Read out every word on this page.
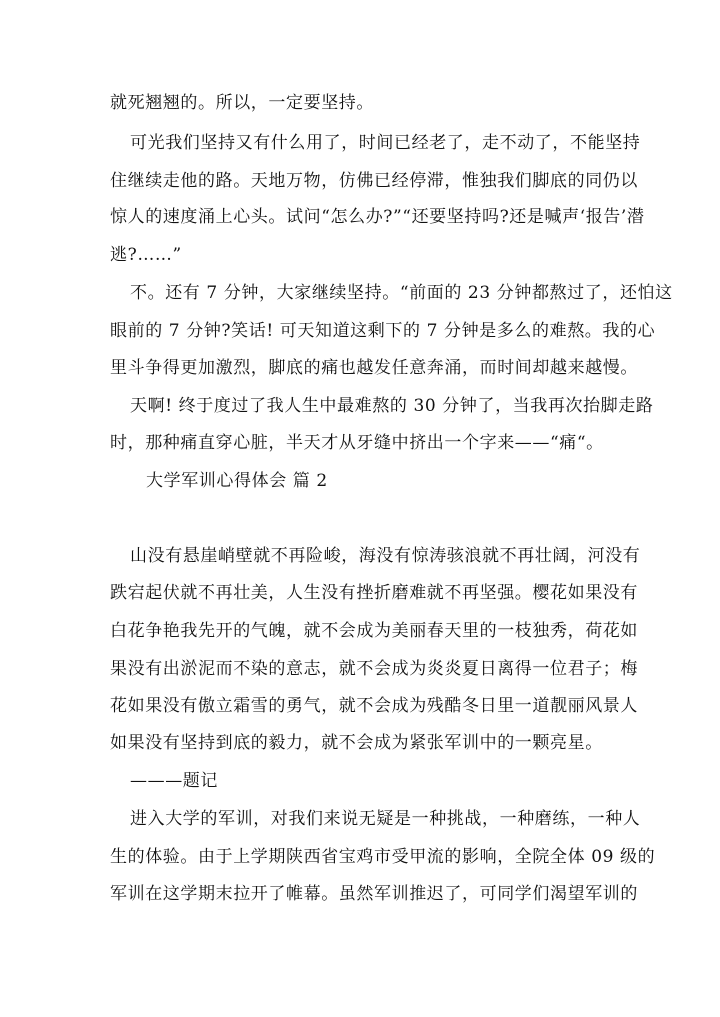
就死翘翘的。所以，一定要坚持。
可光我们坚持又有什么用了，时间已经老了，走不动了，不能坚持
住继续走他的路。天地万物，仿佛已经停滞，惟独我们脚底的同仍以
惊人的速度涌上心头。试问“怎么办?”“还要坚持吗?还是喊声‘报告’潜
逃?……”
不。还有 7 分钟，大家继续坚持。“前面的 23 分钟都熬过了，还怕这
眼前的 7 分钟?笑话! 可天知道这剩下的 7 分钟是多么的难熬。我的心
里斗争得更加激烈，脚底的痛也越发任意奔涌，而时间却越来越慢。
天啊! 终于度过了我人生中最难熬的 30 分钟了，当我再次抬脚走路
时，那种痛直穿心脏，半天才从牙缝中挤出一个字来——“痛“。
大学军训心得体会 篇 2
山没有悬崖峭壁就不再险峻，海没有惊涛骇浪就不再壮阔，河没有
跌宕起伏就不再壮美，人生没有挫折磨难就不再坚强。樱花如果没有
白花争艳我先开的气魄，就不会成为美丽春天里的一枝独秀，荷花如
果没有出淤泥而不染的意志，就不会成为炎炎夏日离得一位君子；梅
花如果没有傲立霜雪的勇气，就不会成为残酷冬日里一道靓丽风景人
如果没有坚持到底的毅力，就不会成为紧张军训中的一颗亮星。
———题记
进入大学的军训，对我们来说无疑是一种挑战，一种磨练，一种人
生的体验。由于上学期陕西省宝鸡市受甲流的影响，全院全体 09 级的
军训在这学期末拉开了帷幕。虽然军训推迟了，可同学们渴望军训的
